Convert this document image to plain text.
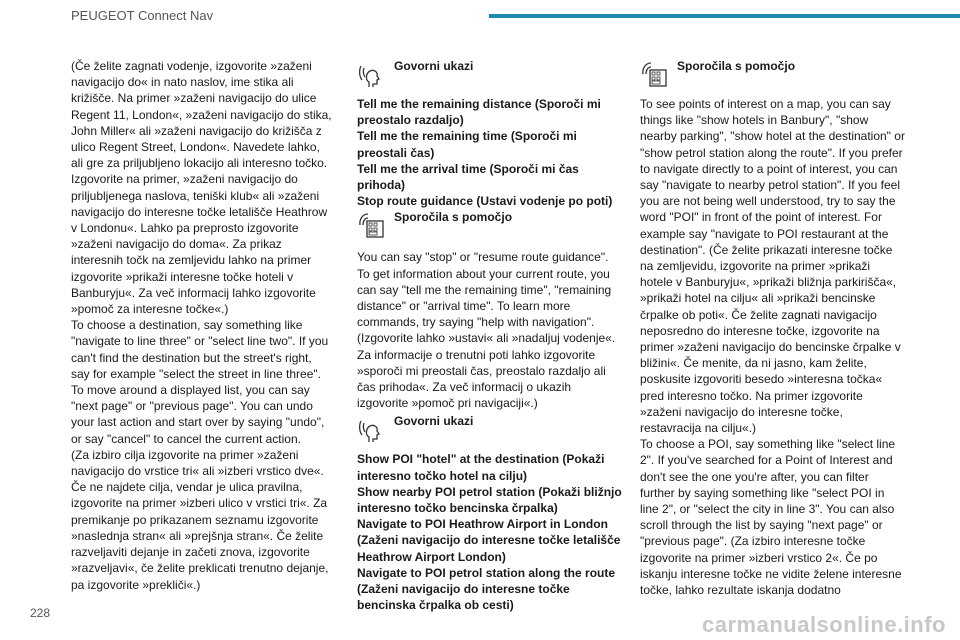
PEUGEOT Connect Nav

(Če želite zagnati vodenje, izgovorite »zaženi navigacijo do« in nato naslov, ime stika ali križišče. Na primer »zaženi navigacijo do ulice Regent 11, London«, »zaženi navigacijo do stika, John Miller« ali »zaženi navigacijo do križišča z ulico Regent Street, London«. Navedete lahko, ali gre za priljubljeno lokacijo ali interesno točko. Izgovorite na primer, »zaženi navigacijo do priljubljenega naslova, teniški klub« ali »zaženi navigacijo do interesne točke letališče Heathrow v Londonu«. Lahko pa preprosto izgovorite »zaženi navigacijo do doma«. Za prikaz interesnih točk na zemljevidu lahko na primer izgovorite »prikaži interesne točke hoteli v Banburyju«. Za več informacij lahko izgovorite »pomoč za interesne točke«.)
To choose a destination, say something like "navigate to line three" or "select line two". If you can't find the destination but the street's right, say for example "select the street in line three".
To move around a displayed list, you can say "next page" or "previous page". You can undo your last action and start over by saying "undo", or say "cancel" to cancel the current action.
(Za izbiro cilja izgovorite na primer »zaženi navigacijo do vrstice tri« ali »izberi vrstico dve«. Če ne najdete cilja, vendar je ulica pravilna, izgovorite na primer »izberi ulico v vrstici tri«. Za premikanje po prikazanem seznamu izgovorite »naslednja stran« ali »prejšnja stran«. Če želite razveljaviti dejanje in začeti znova, izgovorite »razveljavi«, če želite preklicati trenutno dejanje, pa izgovorite »prekliči«.)

Govorni ukazi

Tell me the remaining distance (Sporoči mi preostalo razdaljo)
Tell me the remaining time (Sporoči mi preostali čas)
Tell me the arrival time (Sporoči mi čas prihoda)
Stop route guidance (Ustavi vodenje po poti)

Sporočila s pomočjo

You can say "stop" or "resume route guidance". To get information about your current route, you can say "tell me the remaining time", "remaining distance" or "arrival time". To learn more commands, try saying "help with navigation".
(Izgovorite lahko »ustavi« ali »nadaljuj vodenje«. Za informacije o trenutni poti lahko izgovorite »sporoči mi preostali čas, preostalo razdaljo ali čas prihoda«. Za več informacij o ukazih izgovorite »pomoč pri navigaciji«.)

Govorni ukazi

Show POI "hotel" at the destination (Pokaži interesno točko hotel na cilju)
Show nearby POI petrol station (Pokaži bližnjo interesno točko bencinska črpalka)
Navigate to POI Heathrow Airport in London (Zaženi navigacijo do interesne točke letališče Heathrow Airport London)
Navigate to POI petrol station along the route (Zaženi navigacijo do interesne točke bencinska črpalka ob cesti)

Sporočila s pomočjo

To see points of interest on a map, you can say things like "show hotels in Banbury", "show nearby parking", "show hotel at the destination" or "show petrol station along the route". If you prefer to navigate directly to a point of interest, you can say "navigate to nearby petrol station". If you feel you are not being well understood, try to say the word "POI" in front of the point of interest. For example say "navigate to POI restaurant at the destination". (Če želite prikazati interesne točke na zemljevidu, izgovorite na primer »prikaži hotele v Banburyju«, »prikaži bližnja parkirišča«, »prikaži hotel na cilju« ali »prikaži bencinske črpalke ob poti«. Če želite zagnati navigacijo neposredno do interesne točke, izgovorite na primer »zaženi navigacijo do bencinske črpalke v bližini«. Če menite, da ni jasno, kam želite, poskusite izgovoriti besedo »interesna točka« pred interesno točko. Na primer izgovorite »zaženi navigacijo do interesne točke, restavracija na cilju«.)
To choose a POI, say something like "select line 2". If you've searched for a Point of Interest and don't see the one you're after, you can filter further by saying something like "select POI in line 2", or "select the city in line 3". You can also scroll through the list by saying "next page" or "previous page". (Za izbiro interesne točke izgovorite na primer »izberi vrstico 2«. Če po iskanju interesne točke ne vidite želene interesne točke, lahko rezultate iskanja dodatno

228	carmanualsonline.info
